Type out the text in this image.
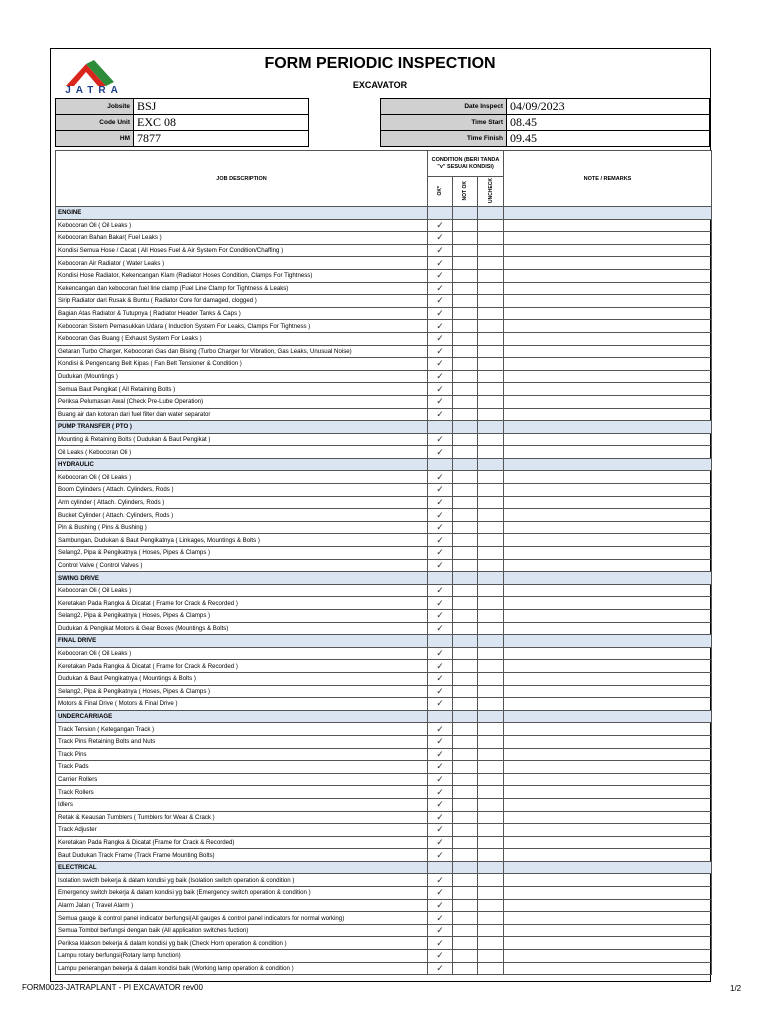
JATRA
FORM PERIODIC INSPECTION
EXCAVATOR
Jobsite	BSJ
Code Unit	EXC 08
HM	7877
Date Inspect	04/09/2023
Time Start	08.45
Time Finish	09.45
JOB DESCRIPTION	CONDITION (BERI TANDA "v" SESUAI KONDISI)			NOTE / REMARKS
	OK*	NOT OK	UNCHECK	
ENGINE				
Kebocoran Oli ( Oil Leaks )	✓			
Kebocoran Bahan Bakar( Fuel Leaks )	✓			
Kondisi Semua Hose / Cacat ( All Hoses Fuel & Air System For Condition/Chaffing )	✓			
Kebocoran Air Radiator ( Water Leaks )	✓			
Kondisi Hose Radiator, Kekencangan Klam (Radiator Hoses Condition, Clamps For Tightness)	✓			
Kekencangan dan kebocoran fuel line clamp (Fuel Line Clamp for Tightness & Leaks)	✓			
Sirip Radiator dari Rusak & Buntu ( Radiator Core for damaged, clogged )	✓			
Bagian Atas Radiator & Tutupnya ( Radiator Header Tanks & Caps )	✓			
Kebocoran Sistem Pemasukkan Udara ( Induction System For Leaks, Clamps For Tightness )	✓			
Kebocoran Gas Buang ( Exhaust System For Leaks )	✓			
Getaran Turbo Charger, Kebocoran Gas dan Bising (Turbo Charger for Vibration, Gas Leaks, Unusual Noise)	✓			
Kondisi & Pengencang Belt Kipas ( Fan Belt Tensioner & Condition )	✓			
Dudukan (Mountings )	✓			
Semua Baut Pengikat ( All Retaining Bolts )	✓			
Periksa Pelumasan Awal (Check Pre-Lube Operation)	✓			
Buang air dan kotoran dari fuel filter dan water separator	✓			
PUMP TRANSFER ( PTO )				
Mounting & Retaining Bolts ( Dudukan & Baut Pengikat )	✓			
Oil Leaks ( Kebocoran Oli )	✓			
HYDRAULIC				
Kebocoran Oli ( Oil Leaks )	✓			
Boom Cylinders ( Attach. Cylinders, Rods )	✓			
Arm cylinder ( Attach. Cylinders, Rods )	✓			
Bucket Cylinder ( Attach. Cylinders, Rods )	✓			
Pin & Bushing ( Pins & Bushing )	✓			
Sambungan, Dudukan & Baut Pengikatnya ( Linkages, Mountings & Bolts )	✓			
Selang2, Pipa & Pengikatnya ( Hoses, Pipes & Clamps )	✓			
Control Valve ( Control Valves )	✓			
SWING DRIVE				
Kebocoran Oli ( Oil Leaks )	✓			
Keretakan Pada Rangka & Dicatat ( Frame for Crack & Recorded )	✓			
Selang2, Pipa & Pengikatnya ( Hoses, Pipes & Clamps )	✓			
Dudukan & Pengikat Motors & Gear Boxes (Mountings & Bolts)	✓			
FINAL DRIVE				
Kebocoran Oli ( Oil Leaks )	✓			
Keretakan Pada Rangka & Dicatat ( Frame for Crack & Recorded )	✓			
Dudukan & Baut Pengikatnya ( Mountings & Bolts )	✓			
Selang2, Pipa & Pengikatnya ( Hoses, Pipes & Clamps )	✓			
Motors & Final Drive ( Motors & Final Drive )	✓			
UNDERCARRIAGE				
Track Tension ( Ketegangan Track )	✓			
Track Pins Retaining Bolts and Nuts	✓			
Track Pins	✓			
Track Pads	✓			
Carrier Rollers	✓			
Track Rollers	✓			
Idlers	✓			
Retak & Keausan Tumblers ( Tumblers for Wear & Crack )	✓			
Track Adjuster	✓			
Keretakan Pada Rangka & Dicatat (Frame for Crack & Recorded)	✓			
Baut Dudukan Track Frame (Track Frame Mounting Bolts)	✓			
ELECTRICAL				
Isolation swicth bekerja & dalam kondisi yg baik (Isolation switch operation & condition )	✓			
Emergency switch bekerja & dalam kondisi yg baik (Emergency switch operation & condition )	✓			
Alarm Jalan ( Travel Alarm )	✓			
Semua gauge & control panel indicator berfungsi(All gauges & control panel indicators for normal working)	✓			
Semua Tombol berfungsi dengan baik (All application switches fuction)	✓			
Periksa klakson bekerja & dalam kondisi yg baik (Check Horn operation & condition )	✓			
Lampu rotary berfungsi(Rotary lamp function)	✓			
Lampu penerangan bekerja & dalam kondisi baik (Working lamp operation & condition )	✓			
FORM0023-JATRAPLANT - PI EXCAVATOR rev00	1/2
